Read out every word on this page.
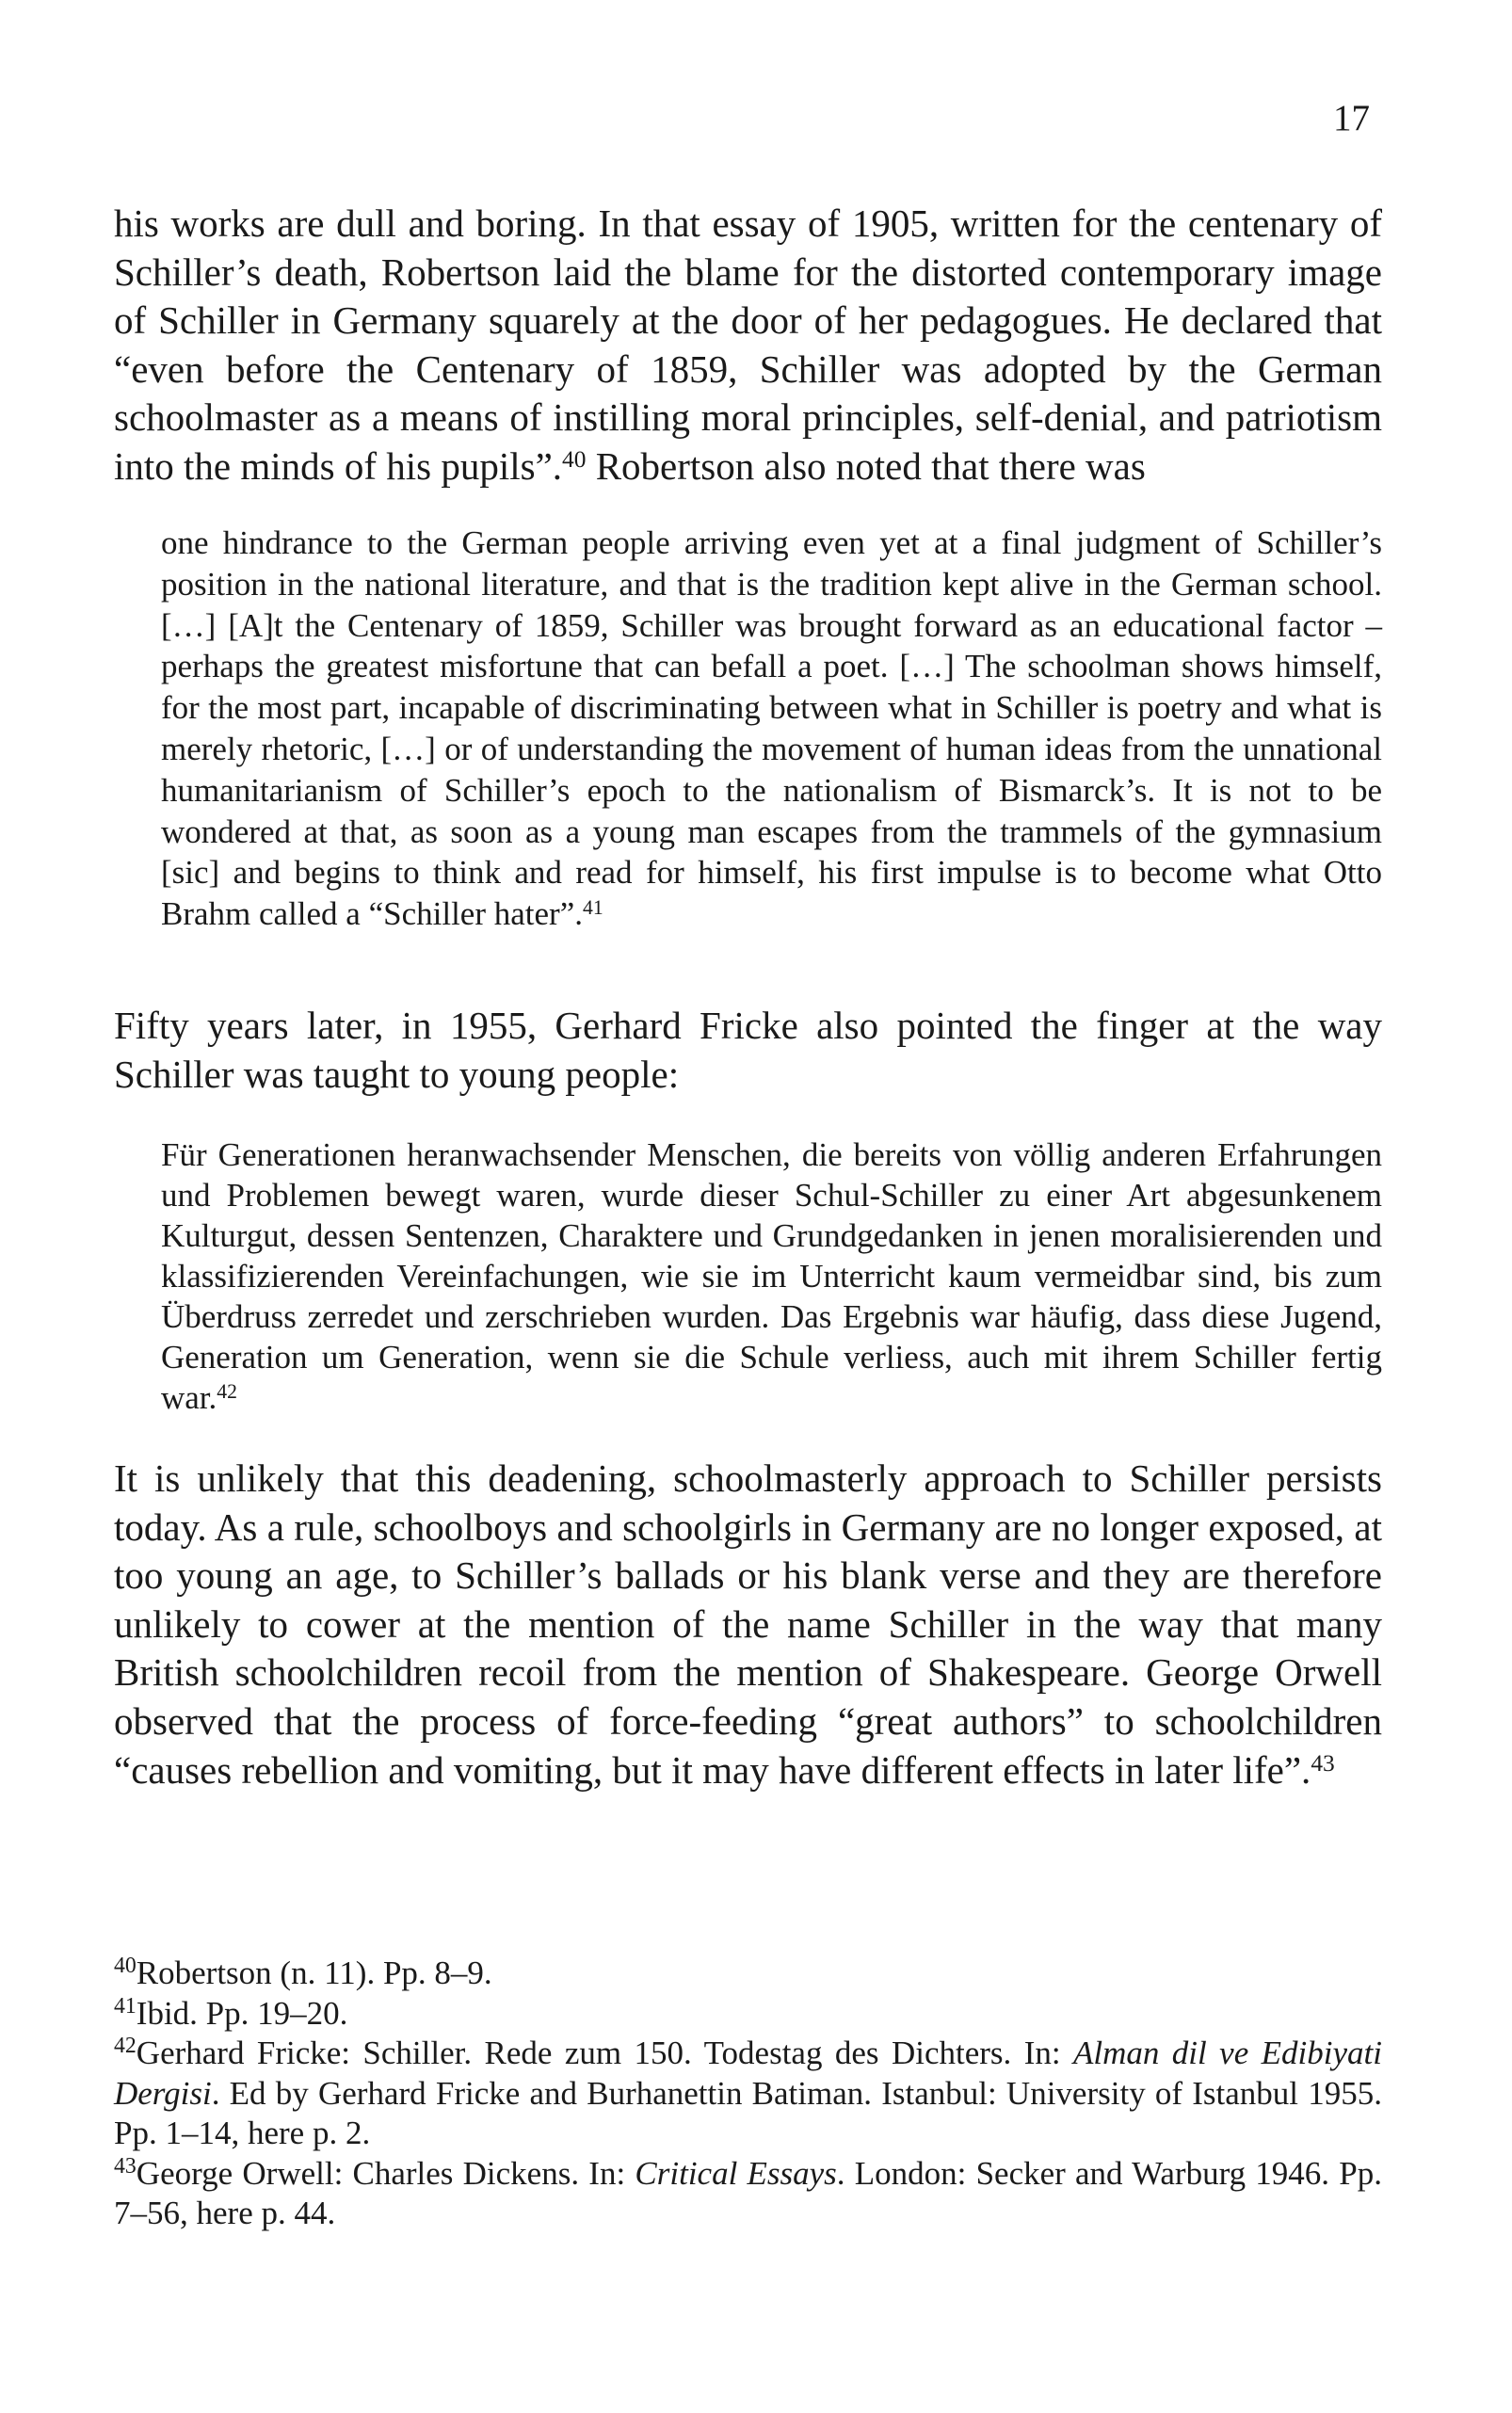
17

his works are dull and boring. In that essay of 1905, written for the centenary of Schiller’s death, Robertson laid the blame for the distorted contemporary image of Schiller in Germany squarely at the door of her pedagogues. He declared that “even before the Centenary of 1859, Schiller was adopted by the German schoolmaster as a means of instilling moral principles, self-denial, and patriotism into the minds of his pupils”.$^{40}$ Robertson also noted that there was

one hindrance to the German people arriving even yet at a final judgment of Schiller’s position in the national literature, and that is the tradition kept alive in the German school. […] [A]t the Centenary of 1859, Schiller was brought forward as an educational factor – perhaps the greatest misfortune that can befall a poet. […] The schoolman shows himself, for the most part, incapable of discriminating between what in Schiller is poetry and what is merely rhetoric, […] or of understanding the movement of human ideas from the unnational humanitarianism of Schiller’s epoch to the nationalism of Bismarck’s. It is not to be wondered at that, as soon as a young man escapes from the trammels of the gymnasium [sic] and begins to think and read for himself, his first impulse is to become what Otto Brahm called a “Schiller hater”.$^{41}$

Fifty years later, in 1955, Gerhard Fricke also pointed the finger at the way Schiller was taught to young people:

Für Generationen heranwachsender Menschen, die bereits von völlig anderen Erfahrungen und Problemen bewegt waren, wurde dieser Schul-Schiller zu einer Art abgesunkenem Kulturgut, dessen Sentenzen, Charaktere und Grundgedanken in jenen moralisierenden und klassifizierenden Vereinfachungen, wie sie im Unterricht kaum vermeidbar sind, bis zum Überdruss zerredet und zerschrieben wurden. Das Ergebnis war häufig, dass diese Jugend, Generation um Generation, wenn sie die Schule verliess, auch mit ihrem Schiller fertig war.$^{42}$

It is unlikely that this deadening, schoolmasterly approach to Schiller persists today. As a rule, schoolboys and schoolgirls in Germany are no longer exposed, at too young an age, to Schiller’s ballads or his blank verse and they are therefore unlikely to cower at the mention of the name Schiller in the way that many British schoolchildren recoil from the mention of Shakespeare. George Orwell observed that the process of force-feeding “great authors” to schoolchildren “causes rebellion and vomiting, but it may have different effects in later life”.$^{43}$

$^{40}$Robertson (n. 11). Pp. 8–9.

$^{41}$Ibid. Pp. 19–20.

$^{42}$Gerhard Fricke: Schiller. Rede zum 150. Todestag des Dichters. In: Alman dil ve Edibiyati Dergisi. Ed by Gerhard Fricke and Burhanettin Batiman. Istanbul: University of Istanbul 1955. Pp. 1–14, here p. 2.

$^{43}$George Orwell: Charles Dickens. In: Critical Essays. London: Secker and Warburg 1946. Pp. 7–56, here p. 44.
